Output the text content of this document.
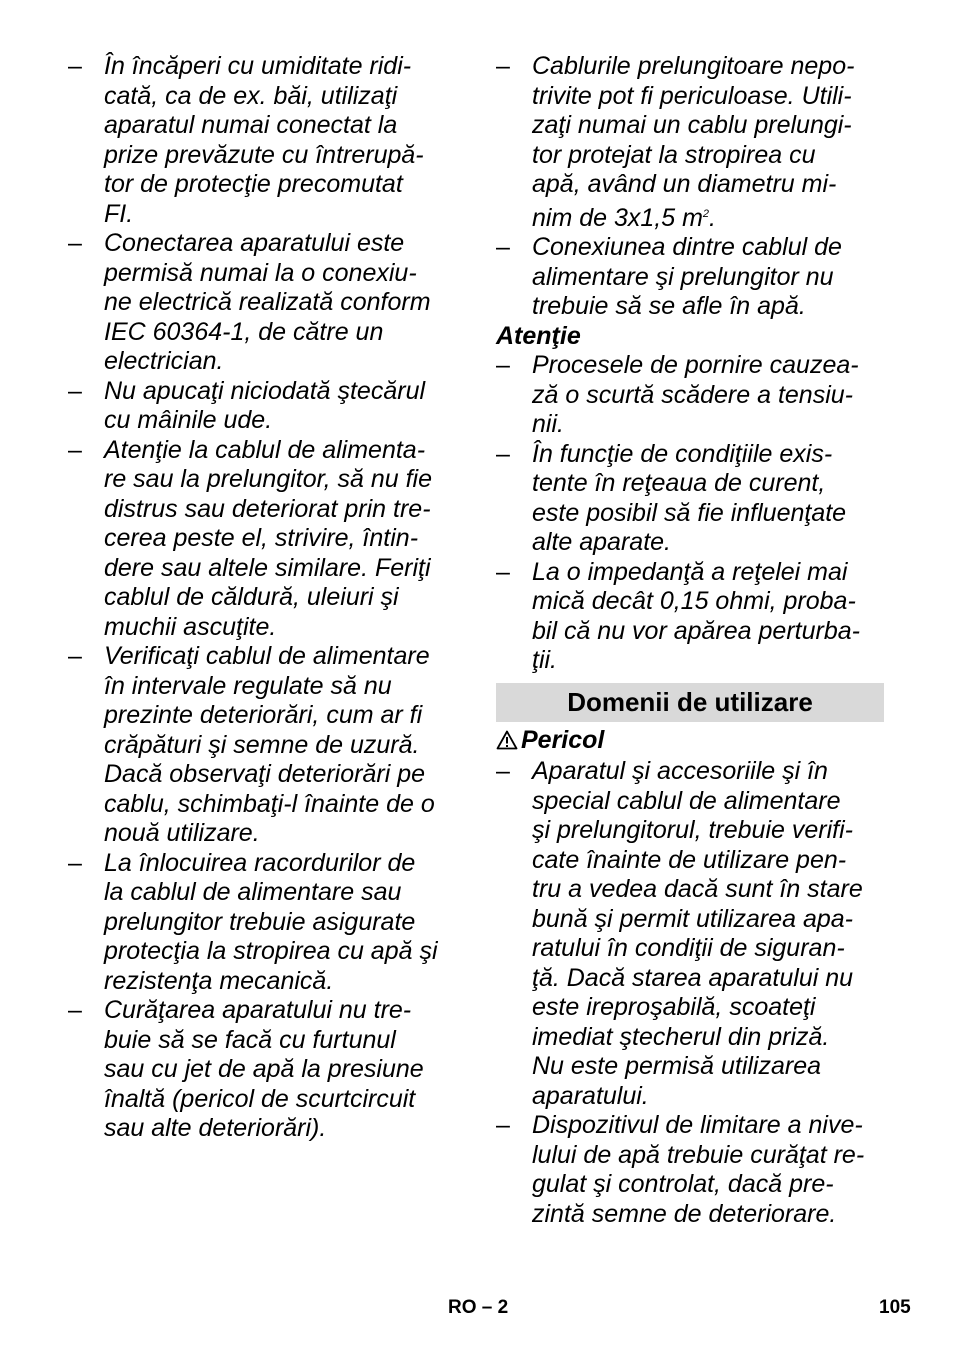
– În încăperi cu umiditate ridi-
cată, ca de ex. băi, utilizaţi
aparatul numai conectat la
prize prevăzute cu întrerupă-
tor de protecţie precomutat
FI.
– Conectarea aparatului este
permisă numai la o conexiu-
ne electrică realizată conform
IEC 60364-1, de către un
electrician.
– Nu apucaţi niciodată ştecărul
cu mâinile ude.
– Atenţie la cablul de alimenta-
re sau la prelungitor, să nu fie
distrus sau deteriorat prin tre-
cerea peste el, strivire, întin-
dere sau altele similare. Feriţi
cablul de căldură, uleiuri şi
muchii ascuţite.
– Verificaţi cablul de alimentare
în intervale regulate să nu
prezinte deteriorări, cum ar fi
crăpături şi semne de uzură.
Dacă observaţi deteriorări pe
cablu, schimbaţi-l înainte de o
nouă utilizare.
– La înlocuirea racordurilor de
la cablul de alimentare sau
prelungitor trebuie asigurate
protecţia la stropirea cu apă şi
rezistenţa mecanică.
– Curăţarea aparatului nu tre-
buie să se facă cu furtunul
sau cu jet de apă la presiune
înaltă (pericol de scurtcircuit
sau alte deteriorări).
– Cablurile prelungitoare nepo-
trivite pot fi periculoase. Utili-
zaţi numai un cablu prelungi-
tor protejat la stropirea cu
apă, având un diametru mi-
nim de 3x1,5 $m^2$.
– Conexiunea dintre cablul de
alimentare şi prelungitor nu
trebuie să se afle în apă.
Atenţie
– Procesele de pornire cauzea-
ză o scurtă scădere a tensiu-
nii.
– În funcţie de condiţiile exis-
tente în reţeaua de curent,
este posibil să fie influenţate
alte aparate.
– La o impedanţă a reţelei mai
mică decât 0,15 ohmi, proba-
bil că nu vor apărea perturba-
ţii.
Domenii de utilizare
Pericol
– Aparatul şi accesoriile şi în
special cablul de alimentare
şi prelungitorul, trebuie verifi-
cate înainte de utilizare pen-
tru a vedea dacă sunt în stare
bună şi permit utilizarea apa-
ratului în condiţii de siguran-
ţă. Dacă starea aparatului nu
este ireproşabilă, scoateţi
imediat ştecherul din priză.
Nu este permisă utilizarea
aparatului.
– Dispozitivul de limitare a nive-
lului de apă trebuie curăţat re-
gulat şi controlat, dacă pre-
zintă semne de deteriorare.
RO – 2	105
